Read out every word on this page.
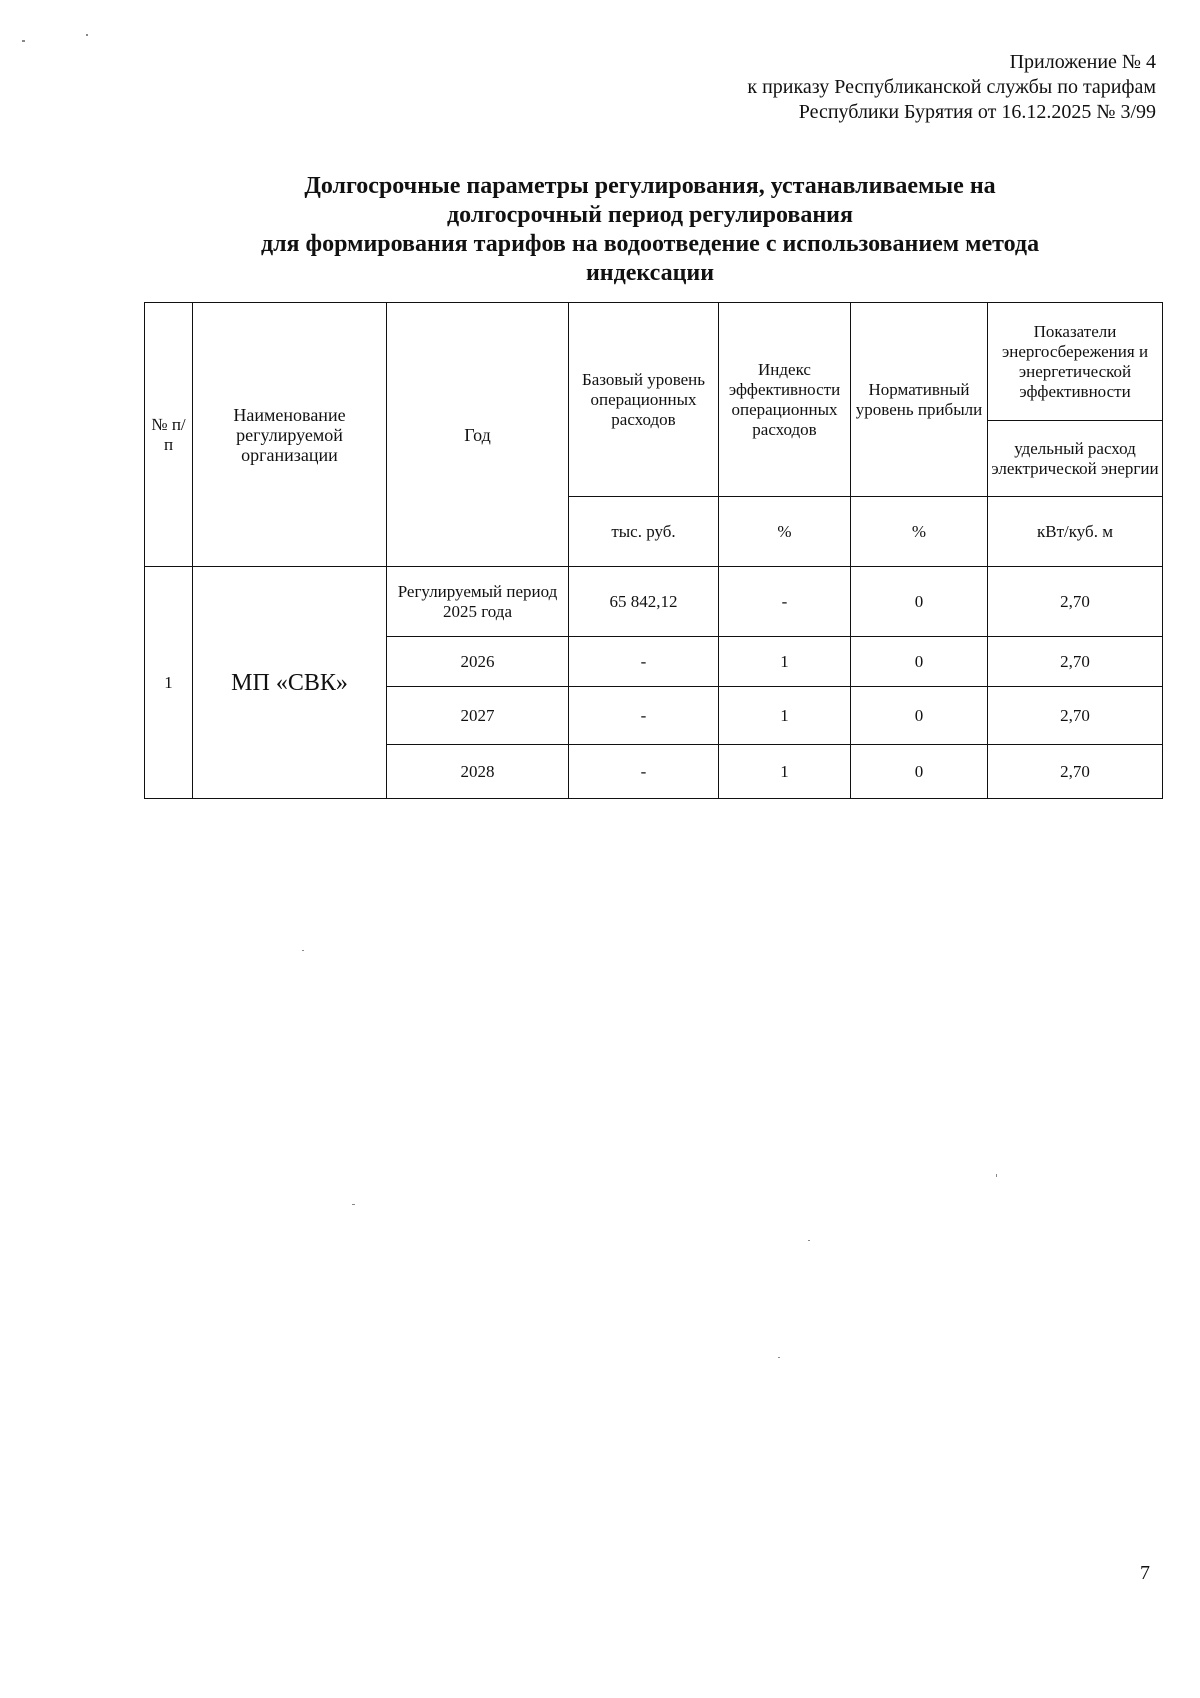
Приложение № 4
к приказу Республиканской службы по тарифам
Республики Бурятия от 16.12.2025 № 3/99
Долгосрочные параметры регулирования, устанавливаемые на
долгосрочный период регулирования
для формирования тарифов на водоотведение с использованием метода
индексации
№ п/п	Наименование регулируемой организации	Год	Базовый уровень операционных расходов	Индекс эффективности операционных расходов	Нормативный уровень прибыли	Показатели энергосбережения и энергетической эффективности
						удельный расход электрической энергии
			тыс. руб.	%	%	кВт/куб. м
1	МП «СВК»	Регулируемый период 2025 года	65 842,12	-	0	2,70
		2026	-	1	0	2,70
		2027	-	1	0	2,70
		2028	-	1	0	2,70
7
